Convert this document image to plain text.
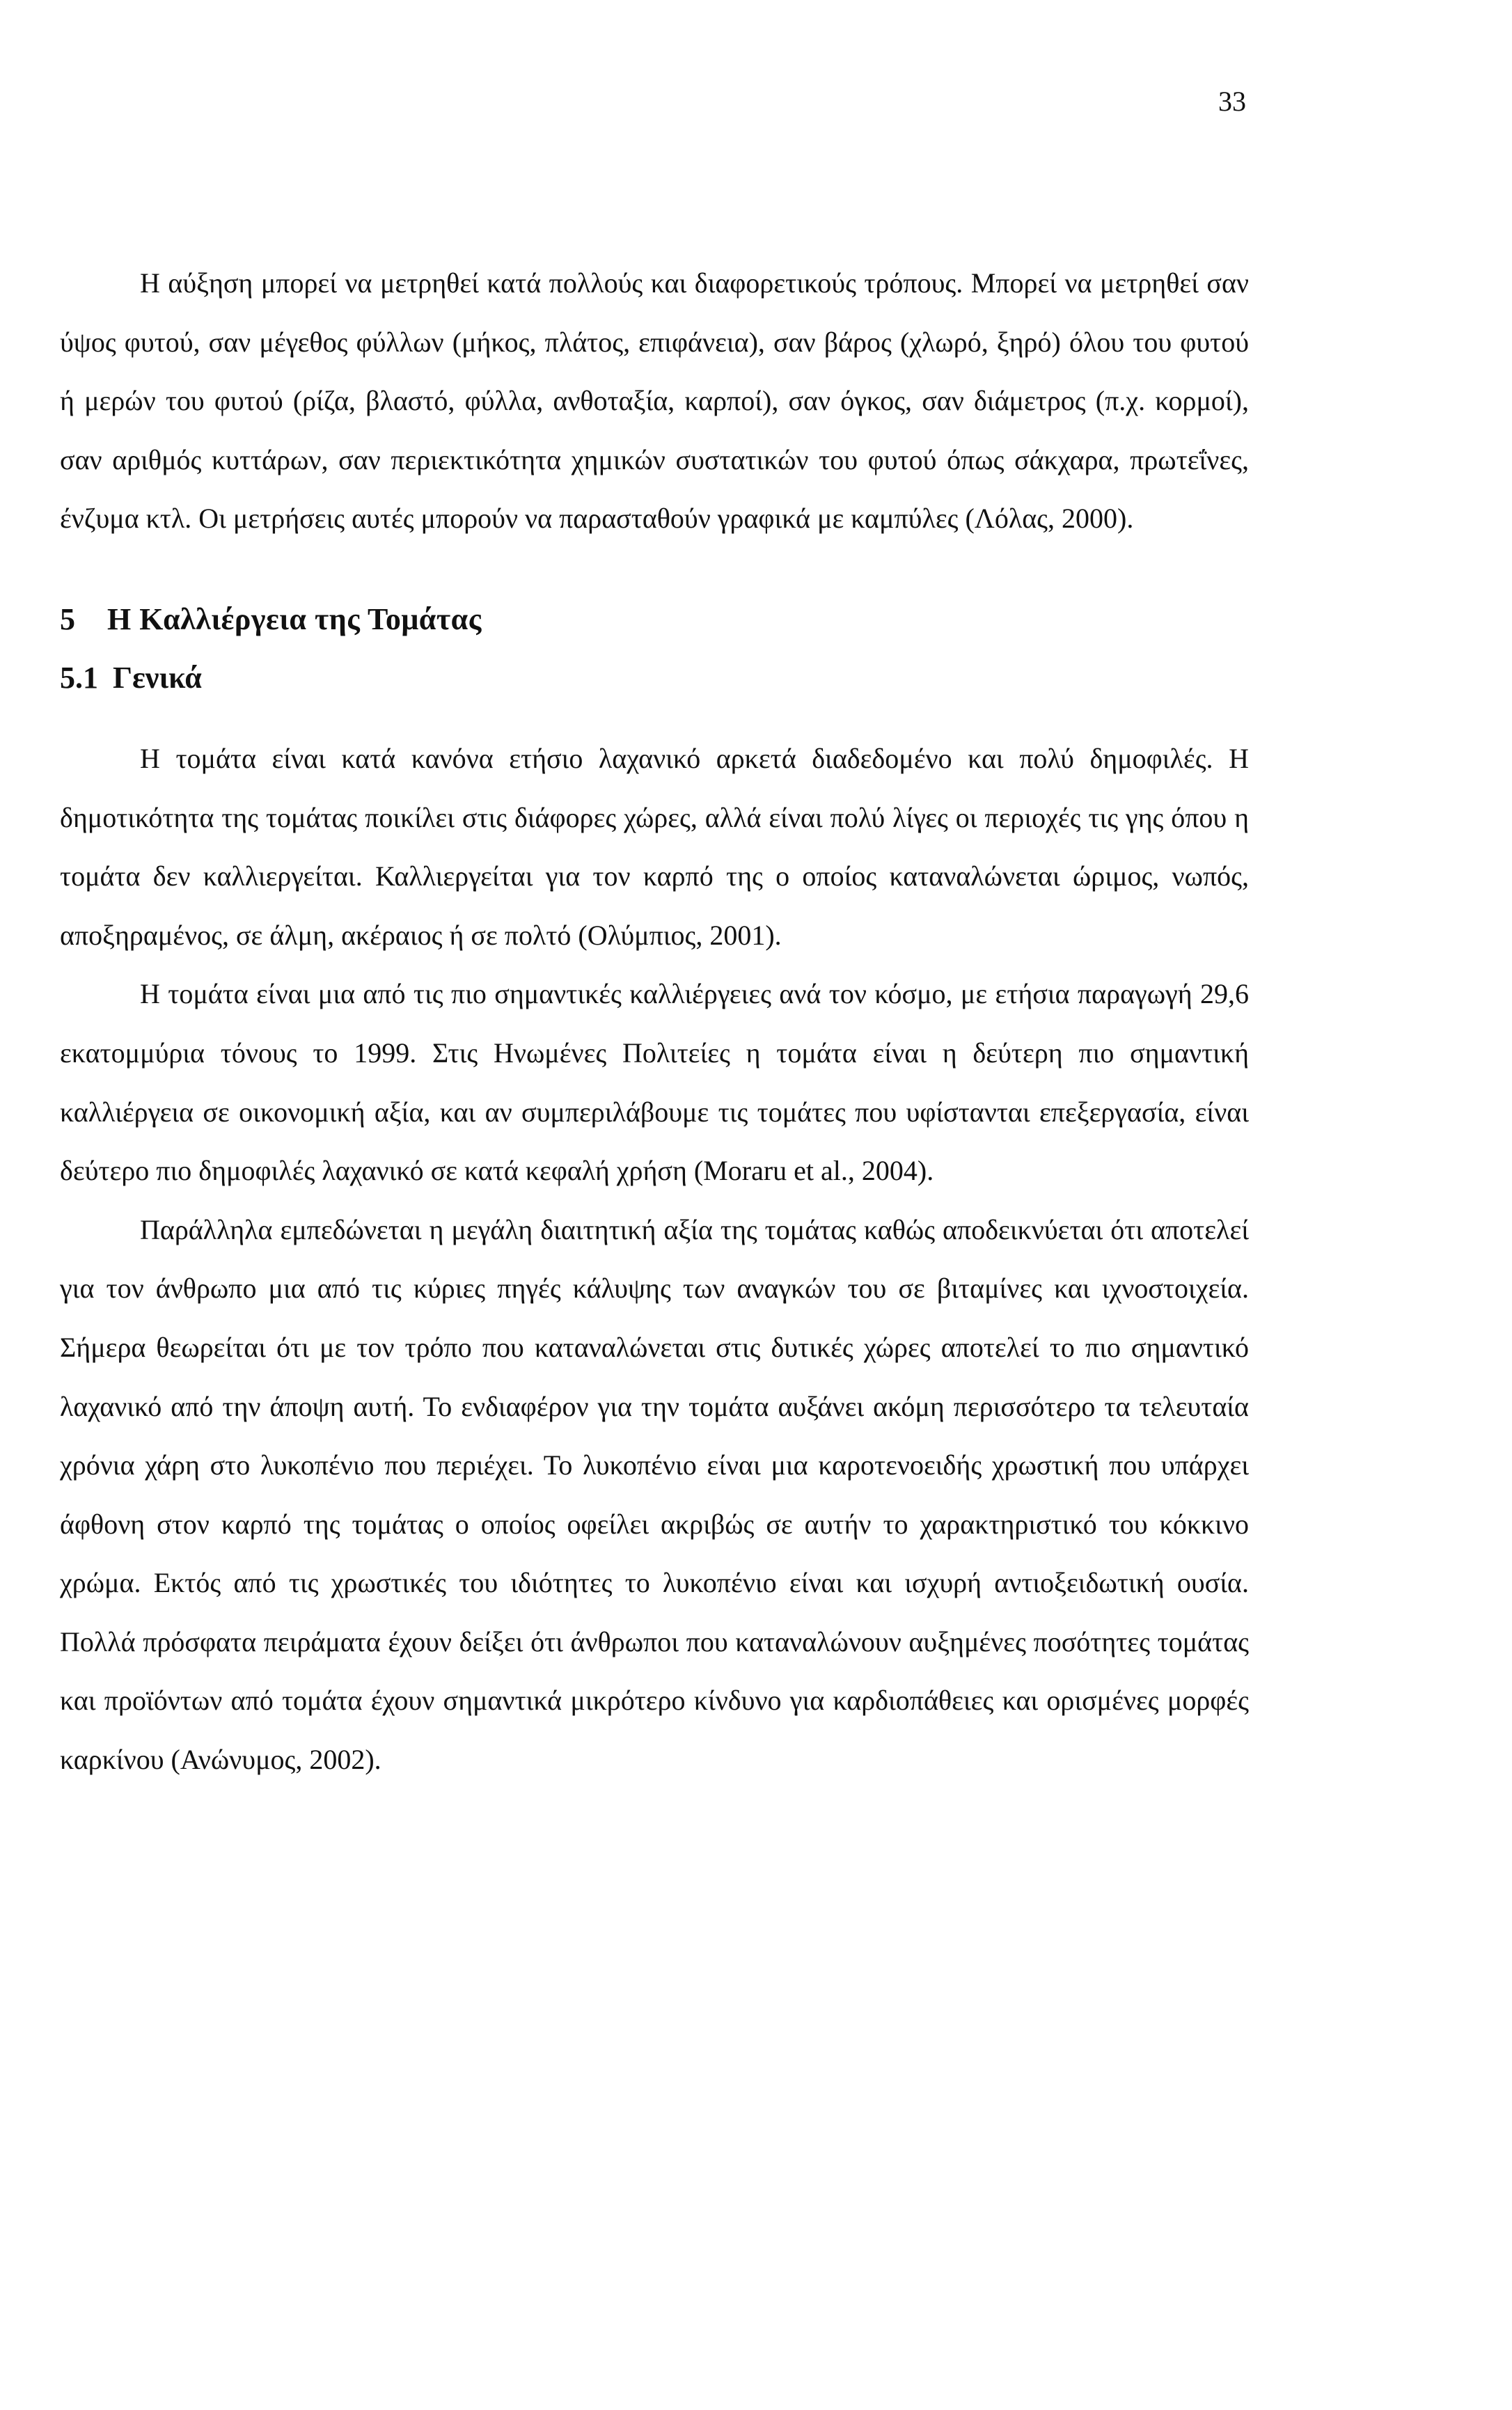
33

Η αύξηση μπορεί να μετρηθεί κατά πολλούς και διαφορετικούς τρόπους. Μπορεί να μετρηθεί σαν ύψος φυτού, σαν μέγεθος φύλλων (μήκος, πλάτος, επιφάνεια), σαν βάρος (χλωρό, ξηρό) όλου του φυτού ή μερών του φυτού (ρίζα, βλαστό, φύλλα, ανθοταξία, καρποί), σαν όγκος, σαν διάμετρος (π.χ. κορμοί), σαν αριθμός κυττάρων, σαν περιεκτικότητα χημικών συστατικών του φυτού όπως σάκχαρα, πρωτεΐνες, ένζυμα κτλ. Οι μετρήσεις αυτές μπορούν να παρασταθούν γραφικά με καμπύλες (Λόλας, 2000).

5 Η Καλλιέργεια της Τομάτας
5.1 Γενικά

Η τομάτα είναι κατά κανόνα ετήσιο λαχανικό αρκετά διαδεδομένο και πολύ δημοφιλές. Η δημοτικότητα της τομάτας ποικίλει στις διάφορες χώρες, αλλά είναι πολύ λίγες οι περιοχές τις γης όπου η τομάτα δεν καλλιεργείται. Καλλιεργείται για τον καρπό της ο οποίος καταναλώνεται ώριμος, νωπός, αποξηραμένος, σε άλμη, ακέραιος ή σε πολτό (Ολύμπιος, 2001).

Η τομάτα είναι μια από τις πιο σημαντικές καλλιέργειες ανά τον κόσμο, με ετήσια παραγωγή 29,6 εκατομμύρια τόνους το 1999. Στις Ηνωμένες Πολιτείες η τομάτα είναι η δεύτερη πιο σημαντική καλλιέργεια σε οικονομική αξία, και αν συμπεριλάβουμε τις τομάτες που υφίστανται επεξεργασία, είναι δεύτερο πιο δημοφιλές λαχανικό σε κατά κεφαλή χρήση (Moraru et al., 2004).

Παράλληλα εμπεδώνεται η μεγάλη διαιτητική αξία της τομάτας καθώς αποδεικνύεται ότι αποτελεί για τον άνθρωπο μια από τις κύριες πηγές κάλυψης των αναγκών του σε βιταμίνες και ιχνοστοιχεία. Σήμερα θεωρείται ότι με τον τρόπο που καταναλώνεται στις δυτικές χώρες αποτελεί το πιο σημαντικό λαχανικό από την άποψη αυτή. Το ενδιαφέρον για την τομάτα αυξάνει ακόμη περισσότερο τα τελευταία χρόνια χάρη στο λυκοπένιο που περιέχει. Το λυκοπένιο είναι μια καροτενοειδής χρωστική που υπάρχει άφθονη στον καρπό της τομάτας ο οποίος οφείλει ακριβώς σε αυτήν το χαρακτηριστικό του κόκκινο χρώμα. Εκτός από τις χρωστικές του ιδιότητες το λυκοπένιο είναι και ισχυρή αντιοξειδωτική ουσία. Πολλά πρόσφατα πειράματα έχουν δείξει ότι άνθρωποι που καταναλώνουν αυξημένες ποσότητες τομάτας και προϊόντων από τομάτα έχουν σημαντικά μικρότερο κίνδυνο για καρδιοπάθειες και ορισμένες μορφές καρκίνου (Ανώνυμος, 2002).
